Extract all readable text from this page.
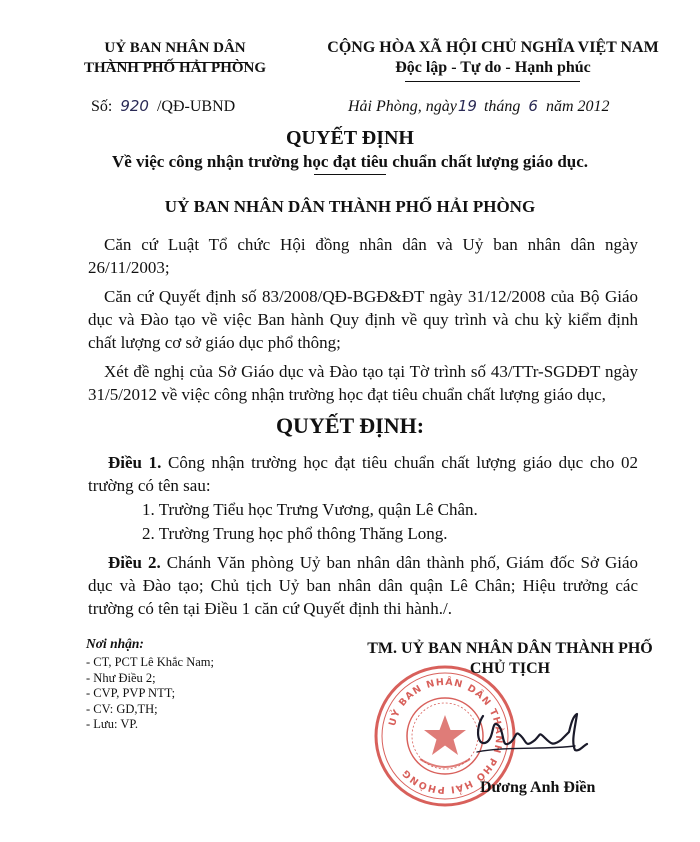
UỶ BAN NHÂN DÂN
THÀNH PHỐ HẢI PHÒNG
CỘNG HÒA XÃ HỘI CHỦ NGHĨA VIỆT NAM
Độc lập - Tự do - Hạnh phúc
Số: 920 /QĐ-UBND	Hải Phòng, ngày19 tháng 6 năm 2012
QUYẾT ĐỊNH
Về việc công nhận trường học đạt tiêu chuẩn chất lượng giáo dục.
UỶ BAN NHÂN DÂN THÀNH PHỐ HẢI PHÒNG
Căn cứ Luật Tổ chức Hội đồng nhân dân và Uỷ ban nhân dân ngày 26/11/2003;
Căn cứ Quyết định số 83/2008/QĐ-BGĐ&ĐT ngày 31/12/2008 của Bộ Giáo dục và Đào tạo về việc Ban hành Quy định về quy trình và chu kỳ kiểm định chất lượng cơ sở giáo dục phổ thông;
Xét đề nghị của Sở Giáo dục và Đào tạo tại Tờ trình số 43/TTr-SGDĐT ngày 31/5/2012 về việc công nhận trường học đạt tiêu chuẩn chất lượng giáo dục,
QUYẾT ĐỊNH:
Điều 1. Công nhận trường học đạt tiêu chuẩn chất lượng giáo dục cho 02 trường có tên sau:
1. Trường Tiểu học Trưng Vương, quận Lê Chân.
2. Trường Trung học phổ thông Thăng Long.
Điều 2. Chánh Văn phòng Uỷ ban nhân dân thành phố, Giám đốc Sở Giáo dục và Đào tạo; Chủ tịch Uỷ ban nhân dân quận Lê Chân; Hiệu trưởng các trường có tên tại Điều 1 căn cứ Quyết định thi hành./.
Nơi nhận:
- CT, PCT Lê Khắc Nam;
- Như Điều 2;
- CVP, PVP NTT;
- CV: GD,TH;
- Lưu: VP.	UỶ BAN NHÂN DÂN THÀNH PHỐ HẢI PHÒNG
TM. UỶ BAN NHÂN DÂN THÀNH PHỐ
CHỦ TỊCH
Dương Anh Điền
